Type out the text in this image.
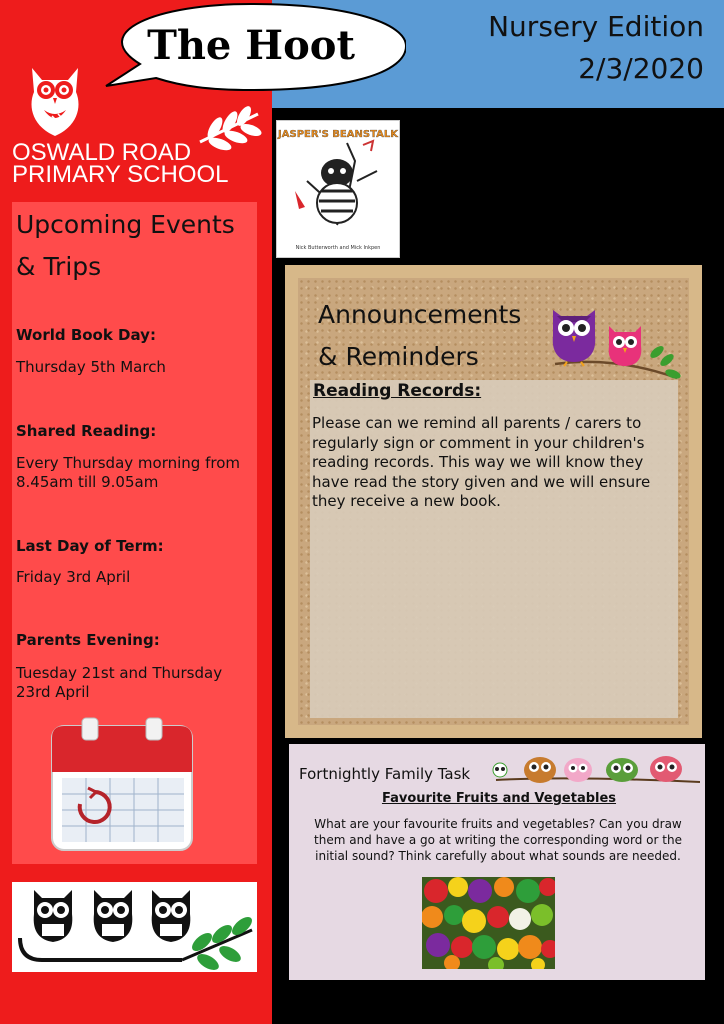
Nursery Edition
2/3/2020
The Hoot
OSWALD ROAD
PRIMARY SCHOOL
Upcoming Events
& Trips
World Book Day:
Thursday 5th March
Shared Reading:
Every Thursday morning from 8.45am till 9.05am
Last Day of Term:
Friday 3rd April
Parents Evening:
Tuesday 21st and Thursday 23rd April
JASPER'S BEANSTALK
Nick Butterworth and Mick Inkpen
Announcements
& Reminders
Reading Records:
Please can we remind all parents / carers to regularly sign or comment in your children's reading records. This way we will know they have read the story given and we will ensure they receive a new book.
Fortnightly Family Task
Favourite Fruits and Vegetables
What are your favourite fruits and vegetables? Can you draw them and have a go at writing the corresponding word or the initial sound? Think carefully about what sounds are needed.
